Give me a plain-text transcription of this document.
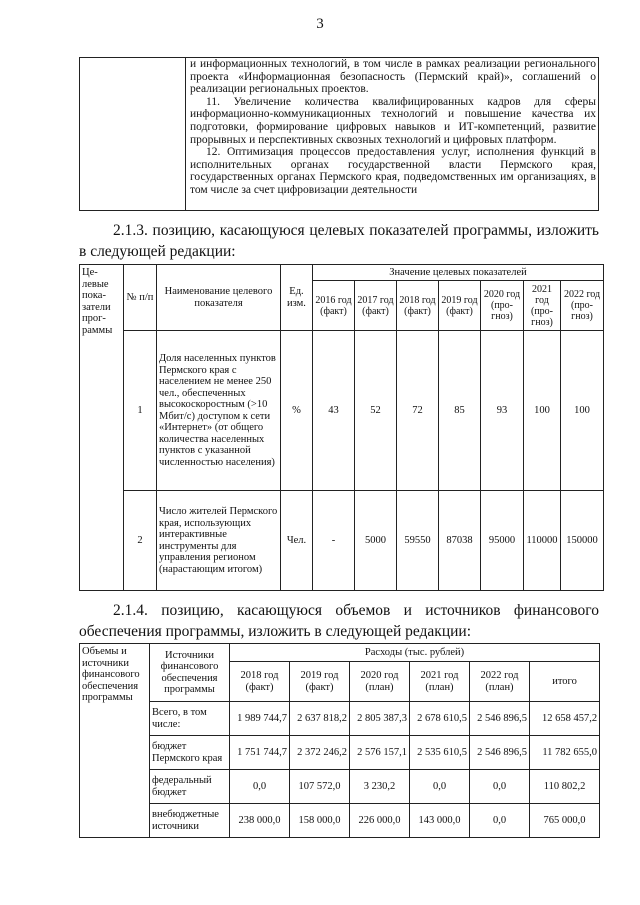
3

и информационных технологий, в том числе в рамках реализации регионального проекта «Информационная безопасность (Пермский край)», соглашений о реализации региональных проектов.

11. Увеличение количества квалифицированных кадров для сферы информационно-коммуникационных технологий и повышение качества их подготовки, формирование цифровых навыков и ИТ-компетенций, развитие прорывных и перспективных сквозных технологий и цифровых платформ.

12. Оптимизация процессов предоставления услуг, исполнения функций в исполнительных органах государственной власти Пермского края, государственных органах Пермского края, подведомственных им организациях, в том числе за счет цифровизации деятельности

2.1.3. позицию, касающуюся целевых показателей программы, изложить в следующей редакции:
Це-левые пока-затели прог-раммы	№ п/п	Наименование целевого показателя	Ед. изм.	Значение целевых показателей						
				2016 год (факт)	2017 год (факт)	2018 год (факт)	2019 год (факт)	2020 год (про-гноз)	2021 год (про-гноз)	2022 год (про-гноз)
	1	Доля населенных пунктов Пермского края с населением не менее 250 чел., обеспеченных высокоскоростным (>10 Мбит/с) доступом к сети «Интернет» (от общего количества населенных пунктов с указанной численностью населения)	%	43	52	72	85	93	100	100
	2	Число жителей Пермского края, использующих интерактивные инструменты для управления регионом (нарастающим итогом)	Чел.	-	5000	59550	87038	95000	110000	150000
2.1.4. позицию, касающуюся объемов и источников финансового обеспечения программы, изложить в следующей редакции:
Объемы и источники финансового обеспечения программы	Источники финансового обеспечения программы	Расходы (тыс. рублей)					
		2018 год (факт)	2019 год (факт)	2020 год (план)	2021 год (план)	2022 год (план)	итого
	Всего, в том числе:	1 989 744,7	2 637 818,2	2 805 387,3	2 678 610,5	2 546 896,5	12 658 457,2
	бюджет Пермского края	1 751 744,7	2 372 246,2	2 576 157,1	2 535 610,5	2 546 896,5	11 782 655,0
	федеральный бюджет	0,0	107 572,0	3 230,2	0,0	0,0	110 802,2
	внебюджетные источники	238 000,0	158 000,0	226 000,0	143 000,0	0,0	765 000,0
